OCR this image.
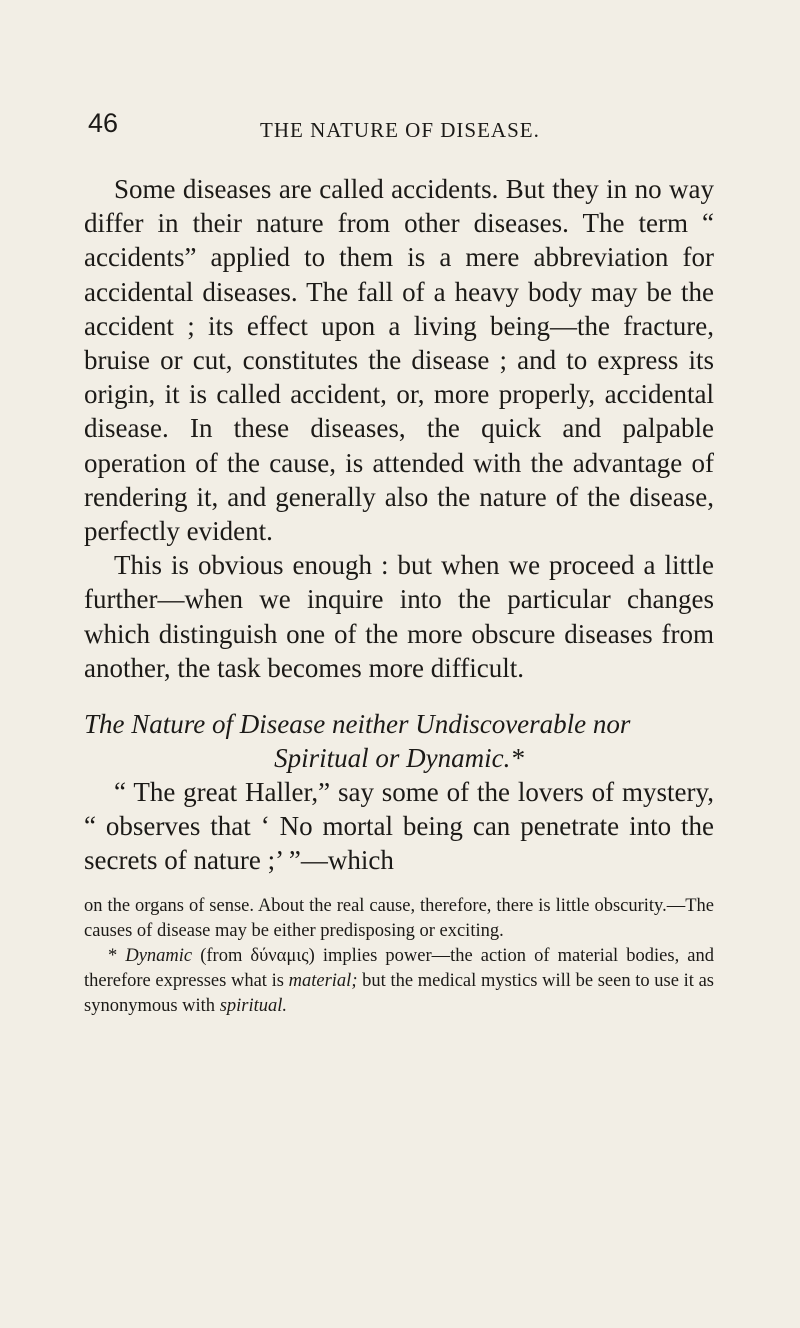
46	THE NATURE OF DISEASE.

Some diseases are called accidents. But they in no way differ in their nature from other diseases. The term “ accidents” applied to them is a mere abbreviation for accidental diseases. The fall of a heavy body may be the accident ; its effect upon a living being—the fracture, bruise or cut, constitutes the disease ; and to express its origin, it is called accident, or, more properly, accidental disease. In these diseases, the quick and palpable operation of the cause, is attended with the advantage of rendering it, and generally also the nature of the disease, perfectly evident.

This is obvious enough : but when we proceed a little further—when we inquire into the particular changes which distinguish one of the more obscure diseases from another, the task becomes more difficult.

The Nature of Disease neither Undiscoverable nor
Spiritual or Dynamic.*

“ The great Haller,” say some of the lovers of mystery, “ observes that ‘ No mortal being can penetrate into the secrets of nature ;’ ”—which

on the organs of sense. About the real cause, therefore, there is little obscurity.—The causes of disease may be either predisposing or exciting.

* Dynamic (from δύναμις) implies power—the action of material bodies, and therefore expresses what is material; but the medical mystics will be seen to use it as synonymous with spiritual.
